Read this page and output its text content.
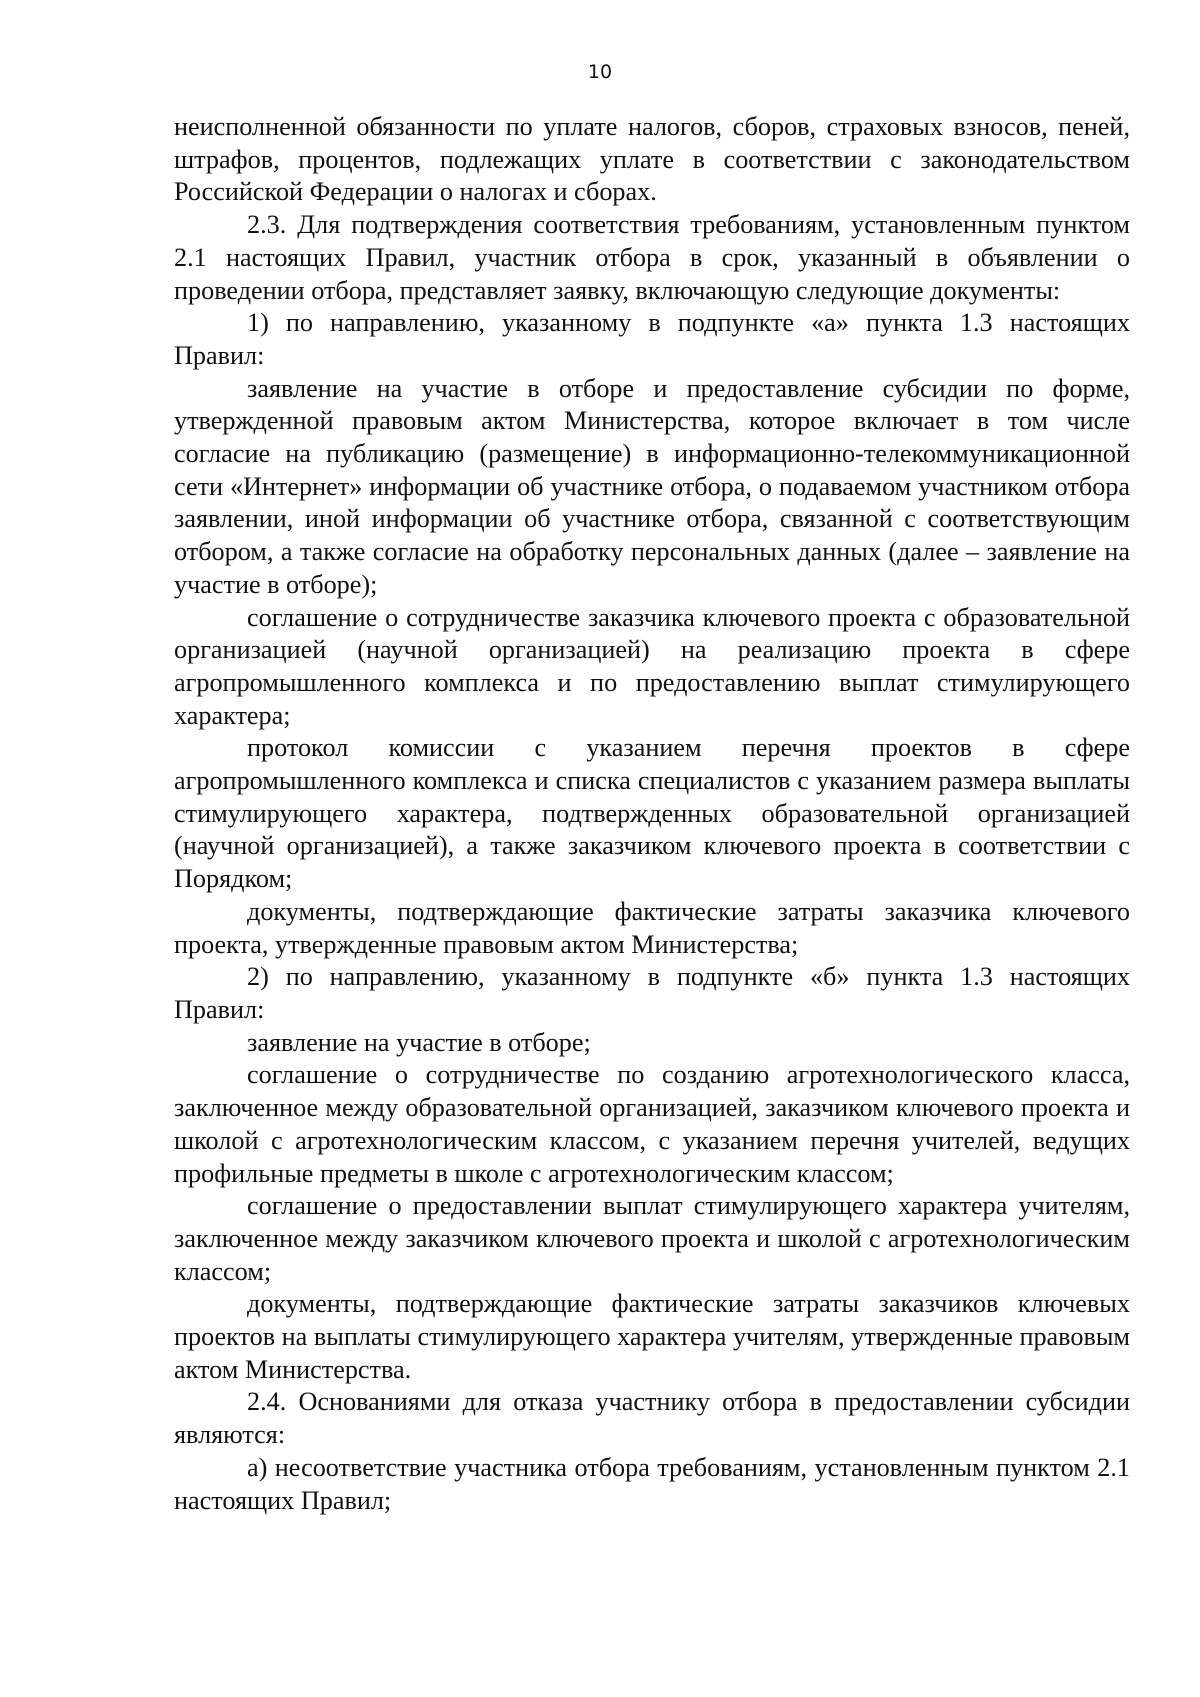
10

неисполненной обязанности по уплате налогов, сборов, страховых взносов, пеней, штрафов, процентов, подлежащих уплате в соответствии с законодательством Российской Федерации о налогах и сборах.

2.3. Для подтверждения соответствия требованиям, установленным пунктом 2.1 настоящих Правил, участник отбора в срок, указанный в объявлении о проведении отбора, представляет заявку, включающую следующие документы:

1) по направлению, указанному в подпункте «а» пункта 1.3 настоящих Правил:

заявление на участие в отборе и предоставление субсидии по форме, утвержденной правовым актом Министерства, которое включает в том числе согласие на публикацию (размещение) в информационно-телекоммуникационной сети «Интернет» информации об участнике отбора, о подаваемом участником отбора заявлении, иной информации об участнике отбора, связанной с соответствующим отбором, а также согласие на обработку персональных данных (далее – заявление на участие в отборе);

соглашение о сотрудничестве заказчика ключевого проекта с образовательной организацией (научной организацией) на реализацию проекта в сфере агропромышленного комплекса и по предоставлению выплат стимулирующего характера;

протокол комиссии с указанием перечня проектов в сфере агропромышленного комплекса и списка специалистов с указанием размера выплаты стимулирующего характера, подтвержденных образовательной организацией (научной организацией), а также заказчиком ключевого проекта в соответствии с Порядком;

документы, подтверждающие фактические затраты заказчика ключевого проекта, утвержденные правовым актом Министерства;

2) по направлению, указанному в подпункте «б» пункта 1.3 настоящих Правил:

заявление на участие в отборе;

соглашение о сотрудничестве по созданию агротехнологического класса, заключенное между образовательной организацией, заказчиком ключевого проекта и школой с агротехнологическим классом, с указанием перечня учителей, ведущих профильные предметы в школе с агротехнологическим классом;

соглашение о предоставлении выплат стимулирующего характера учителям, заключенное между заказчиком ключевого проекта и школой с агротехнологическим классом;

документы, подтверждающие фактические затраты заказчиков ключевых проектов на выплаты стимулирующего характера учителям, утвержденные правовым актом Министерства.

2.4. Основаниями для отказа участнику отбора в предоставлении субсидии являются:

а) несоответствие участника отбора требованиям, установленным пунктом 2.1 настоящих Правил;
